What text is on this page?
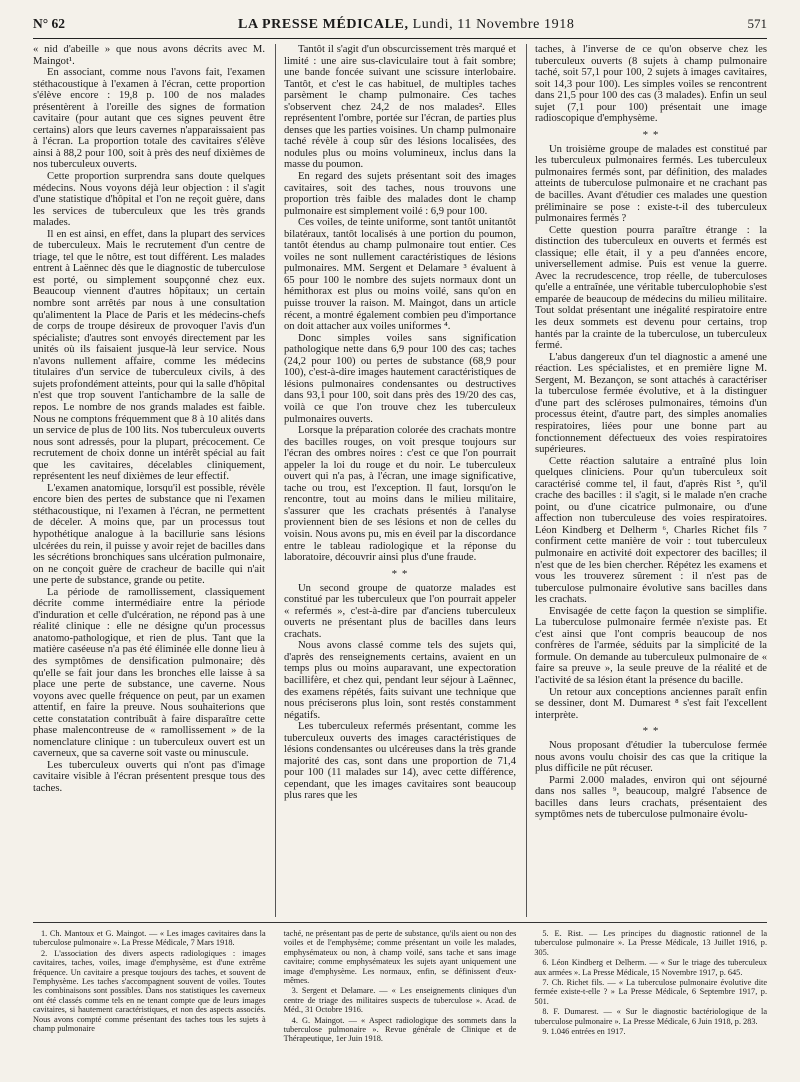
N° 62	LA PRESSE MÉDICALE, Lundi, 11 Novembre 1918	571

« nid d'abeille » que nous avons décrits avec M. Maingot¹.

En associant, comme nous l'avons fait, l'examen stéthacoustique à l'examen à l'écran, cette proportion s'élève encore : 19,8 p. 100 de nos malades présentèrent à l'oreille des signes de formation cavitaire (pour autant que ces signes peuvent être certains) alors que leurs cavernes n'apparaissaient pas à l'écran. La proportion totale des cavitaires s'élève ainsi à 88,2 pour 100, soit à près des neuf dixièmes de nos tuberculeux ouverts.

Cette proportion surprendra sans doute quelques médecins. Nous voyons déjà leur objection : il s'agit d'une statistique d'hôpital et l'on ne reçoit guère, dans les services de tuberculeux que les très grands malades.

Il en est ainsi, en effet, dans la plupart des services de tuberculeux. Mais le recrutement d'un centre de triage, tel que le nôtre, est tout différent. Les malades entrent à Laënnec dès que le diagnostic de tuberculose est porté, ou simplement soupçonné chez eux. Beaucoup viennent d'autres hôpitaux; un certain nombre sont arrêtés par nous à une consultation qu'alimentent la Place de Paris et les médecins-chefs de corps de troupe désireux de provoquer l'avis d'un spécialiste; d'autres sont envoyés directement par les unités où ils faisaient jusque-là leur service. Nous n'avons nullement affaire, comme les médecins titulaires d'un service de tuberculeux civils, à des sujets profondément atteints, pour qui la salle d'hôpital n'est que trop souvent l'antichambre de la salle de repos. Le nombre de nos grands malades est faible. Nous ne comptons fréquemment que 8 à 10 alités dans un service de plus de 100 lits. Nos tuberculeux ouverts nous sont adressés, pour la plupart, précocement. Ce recrutement de choix donne un intérêt spécial au fait que les cavitaires, décelables cliniquement, représentent les neuf dixièmes de leur effectif.

L'examen anatomique, lorsqu'il est possible, révèle encore bien des pertes de substance que ni l'examen stéthacoustique, ni l'examen à l'écran, ne permettent de déceler. A moins que, par un processus tout hypothétique analogue à la bacillurie sans lésions ulcérées du rein, il puisse y avoir rejet de bacilles dans les sécrétions bronchiques sans ulcération pulmonaire, on ne conçoit guère de cracheur de bacille qui n'ait une perte de substance, grande ou petite.

La période de ramollissement, classiquement décrite comme intermédiaire entre la période d'induration et celle d'ulcération, ne répond pas à une réalité clinique : elle ne désigne qu'un processus anatomo-pathologique, et rien de plus. Tant que la matière caséeuse n'a pas été éliminée elle donne lieu à des symptômes de densification pulmonaire; dès qu'elle se fait jour dans les bronches elle laisse à sa place une perte de substance, une caverne. Nous voyons avec quelle fréquence on peut, par un examen attentif, en faire la preuve. Nous souhaiterions que cette constatation contribuât à faire disparaître cette phase malencontreuse de « ramollissement » de la nomenclature clinique : un tuberculeux ouvert est un caverneux, que sa caverne soit vaste ou minuscule.

Les tuberculeux ouverts qui n'ont pas d'image cavitaire visible à l'écran présentent presque tous des taches.

Tantôt il s'agit d'un obscurcissement très marqué et limité : une aire sus-claviculaire tout à fait sombre; une bande foncée suivant une scissure interlobaire. Tantôt, et c'est le cas habituel, de multiples taches parsèment le champ pulmonaire. Ces taches s'observent chez 24,2 de nos malades². Elles représentent l'ombre, portée sur l'écran, de parties plus denses que les parties voisines. Un champ pulmonaire taché révèle à coup sûr des lésions localisées, des nodules plus ou moins volumineux, inclus dans la masse du poumon.

En regard des sujets présentant soit des images cavitaires, soit des taches, nous trouvons une proportion très faible des malades dont le champ pulmonaire est simplement voilé : 6,9 pour 100.

Ces voiles, de teinte uniforme, sont tantôt unitantôt bilatéraux, tantôt localisés à une portion du poumon, tantôt étendus au champ pulmonaire tout entier. Ces voiles ne sont nullement caractéristiques de lésions pulmonaires. MM. Sergent et Delamare ³ évaluent à 65 pour 100 le nombre des sujets normaux dont un hémithorax est plus ou moins voilé, sans qu'on en puisse trouver la raison. M. Maingot, dans un article récent, a montré également combien peu d'importance on doit attacher aux voiles uniformes ⁴.

Donc simples voiles sans signification pathologique nette dans 6,9 pour 100 des cas; taches (24,2 pour 100) ou pertes de substance (68,9 pour 100), c'est-à-dire images hautement caractéristiques de lésions pulmonaires condensantes ou destructives dans 93,1 pour 100, soit dans près des 19/20 des cas, voilà ce que l'on trouve chez les tuberculeux pulmonaires ouverts.

Lorsque la préparation colorée des crachats montre des bacilles rouges, on voit presque toujours sur l'écran des ombres noires : c'est ce que l'on pourrait appeler la loi du rouge et du noir. Le tuberculeux ouvert qui n'a pas, à l'écran, une image significative, tache ou trou, est l'exception. Il faut, lorsqu'on le rencontre, tout au moins dans le milieu militaire, s'assurer que les crachats présentés à l'analyse proviennent bien de ses lésions et non de celles du voisin. Nous avons pu, mis en éveil par la discordance entre le tableau radiologique et la réponse du laboratoire, découvrir ainsi plus d'une fraude.

* *

Un second groupe de quatorze malades est constitué par les tuberculeux que l'on pourrait appeler « refermés », c'est-à-dire par d'anciens tuberculeux ouverts ne présentant plus de bacilles dans leurs crachats.

Nous avons classé comme tels des sujets qui, d'après des renseignements certains, avaient en un temps plus ou moins auparavant, une expectoration bacillifère, et chez qui, pendant leur séjour à Laënnec, des examens répétés, faits suivant une technique que nous préciserons plus loin, sont restés constamment négatifs.

Les tuberculeux refermés présentant, comme les tuberculeux ouverts des images caractéristiques de lésions condensantes ou ulcéreuses dans la très grande majorité des cas, sont dans une proportion de 71,4 pour 100 (11 malades sur 14), avec cette différence, cependant, que les images cavitaires sont beaucoup plus rares que les

taches, à l'inverse de ce qu'on observe chez les tuberculeux ouverts (8 sujets à champ pulmonaire taché, soit 57,1 pour 100, 2 sujets à images cavitaires, soit 14,3 pour 100). Les simples voiles se rencontrent dans 21,5 pour 100 des cas (3 malades). Enfin un seul sujet (7,1 pour 100) présentait une image radioscopique d'emphysème.

* *

Un troisième groupe de malades est constitué par les tuberculeux pulmonaires fermés. Les tuberculeux pulmonaires fermés sont, par définition, des malades atteints de tuberculose pulmonaire et ne crachant pas de bacilles. Avant d'étudier ces malades une question préliminaire se pose : existe-t-il des tuberculeux pulmonaires fermés ?

Cette question pourra paraître étrange : la distinction des tuberculeux en ouverts et fermés est classique; elle était, il y a peu d'années encore, universellement admise. Puis est venue la guerre. Avec la recrudescence, trop réelle, de tuberculoses qu'elle a entraînée, une véritable tuberculophobie s'est emparée de beaucoup de médecins du milieu militaire. Tout soldat présentant une inégalité respiratoire entre les deux sommets est devenu pour certains, trop hantés par la crainte de la tuberculose, un tuberculeux fermé.

L'abus dangereux d'un tel diagnostic a amené une réaction. Les spécialistes, et en première ligne M. Sergent, M. Bezançon, se sont attachés à caractériser la tuberculose fermée évolutive, et à la distinguer d'une part des scléroses pulmonaires, témoins d'un processus éteint, d'autre part, des simples anomalies respiratoires, liées pour une bonne part au fonctionnement défectueux des voies respiratoires supérieures.

Cette réaction salutaire a entraîné plus loin quelques cliniciens. Pour qu'un tuberculeux soit caractérisé comme tel, il faut, d'après Rist ⁵, qu'il crache des bacilles : il s'agit, si le malade n'en crache point, ou d'une cicatrice pulmonaire, ou d'une affection non tuberculeuse des voies respiratoires. Léon Kindberg et Delherm ⁶, Charles Richet fils ⁷ confirment cette manière de voir : tout tuberculeux pulmonaire en activité doit expectorer des bacilles; il n'est que de les bien chercher. Répétez les examens et vous les trouverez sûrement : il n'est pas de tuberculose pulmonaire évolutive sans bacilles dans les crachats.

Envisagée de cette façon la question se simplifie. La tuberculose pulmonaire fermée n'existe pas. Et c'est ainsi que l'ont compris beaucoup de nos confrères de l'armée, séduits par la simplicité de la formule. On demande au tuberculeux pulmonaire de « faire sa preuve », la seule preuve de la réalité et de l'activité de sa lésion étant la présence du bacille.

Un retour aux conceptions anciennes paraît enfin se dessiner, dont M. Dumarest ⁸ s'est fait l'excellent interprète.

* *

Nous proposant d'étudier la tuberculose fermée nous avons voulu choisir des cas que la critique la plus difficile ne pût récuser.

Parmi 2.000 malades, environ qui ont séjourné dans nos salles ⁹, beaucoup, malgré l'absence de bacilles dans leurs crachats, présentaient des symptômes nets de tuberculose pulmonaire évolu-

1. Ch. Mantoux et G. Maingot. — « Les images cavitaires dans la tuberculose pulmonaire ». La Presse Médicale, 7 Mars 1918.

2. L'association des divers aspects radiologiques : images cavitaires, taches, voiles, image d'emphysème, est d'une extrême fréquence. Un cavitaire a presque toujours des taches, et souvent de l'emphysème. Les taches s'accompagnent souvent de voiles. Toutes les combinaisons sont possibles. Dans nos statistiques les caverneux ont été classés comme tels en ne tenant compte que de leurs images cavitaires, si hautement caractéristiques, et non des aspects associés. Nous avons compté comme présentant des taches tous les sujets à champ pulmonaire

taché, ne présentant pas de perte de substance, qu'ils aient ou non des voiles et de l'emphysème; comme présentant un voile les malades, emphysémateux ou non, à champ voilé, sans tache et sans image cavitaire; comme emphysémateux les sujets ayant uniquement une image d'emphysème. Les normaux, enfin, se définissent d'eux-mêmes.

3. Sergent et Delamare. — « Les enseignements cliniques d'un centre de triage des militaires suspects de tuberculose ». Acad. de Méd., 31 Octobre 1916.

4. G. Maingot. — « Aspect radiologique des sommets dans la tuberculose pulmonaire ». Revue générale de Clinique et de Thérapeutique, 1er Juin 1918.

5. E. Rist. — Les principes du diagnostic rationnel de la tuberculose pulmonaire ». La Presse Médicale, 13 Juillet 1916, p. 305.

6. Léon Kindberg et Delherm. — « Sur le triage des tuberculeux aux armées ». La Presse Médicale, 15 Novembre 1917, p. 645.

7. Ch. Richet fils. — « La tuberculose pulmonaire évolutive dite fermée existe-t-elle ? » La Presse Médicale, 6 Septembre 1917, p. 501.

8. F. Dumarest. — « Sur le diagnostic bactériologique de la tuberculose pulmonaire ». La Presse Médicale, 6 Juin 1918, p. 283.

9. 1.046 entrées en 1917.
